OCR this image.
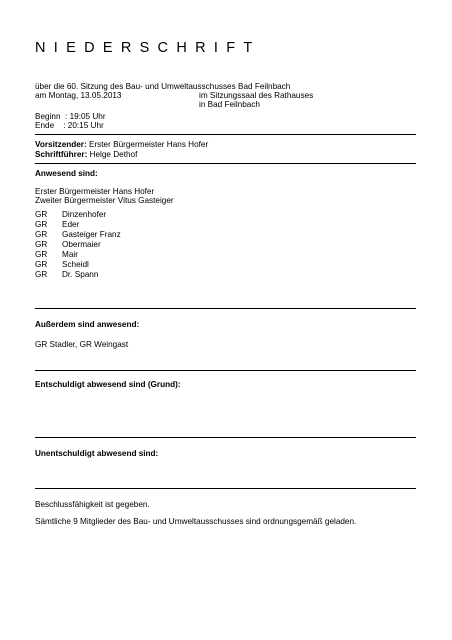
NIEDERSCHRIFT
über die 60. Sitzung des Bau- und Umweltausschusses Bad Feilnbach
am Montag, 13.05.2013	im Sitzungssaal des Rathauses
in Bad Feilnbach
Beginn  : 19:05 Uhr
Ende    : 20:15 Uhr
Vorsitzender: Erster Bürgermeister Hans Hofer
Schriftführer: Helge Dethof
Anwesend sind:
Erster Bürgermeister Hans Hofer
Zweiter Bürgermeister Vitus Gasteiger
GR Dinzenhofer
GR Eder
GR Gasteiger Franz
GR Obermaier
GR Mair
GR Scheidl
GR Dr. Spann
Außerdem sind anwesend:
GR Stadler, GR Weingast
Entschuldigt abwesend sind (Grund):
Unentschuldigt abwesend sind:
Beschlussfähigkeit ist gegeben.
Sämtliche 9 Mitglieder des Bau- und Umweltausschusses sind ordnungsgemäß geladen.
